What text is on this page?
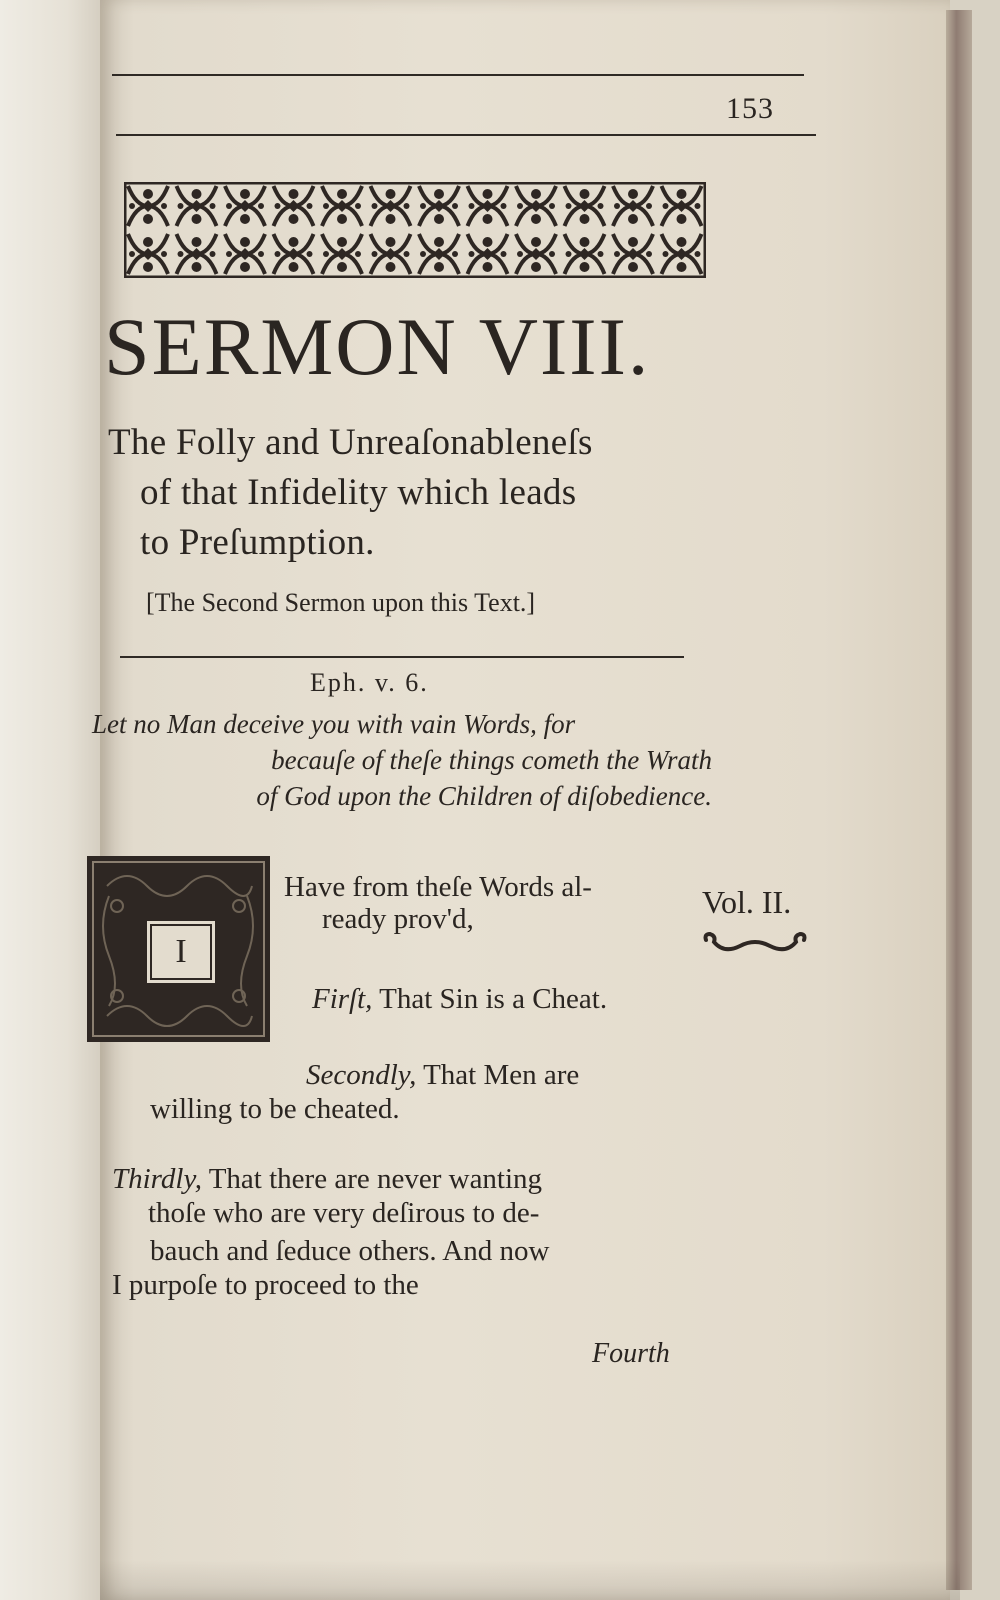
153
SERMON VIII.
The Folly and Unreaſonableneſs
of that Infidelity which leads
to Preſumption.
[The Second Sermon upon this Text.]
Eph. v. 6.
Let no Man deceive you with vain Words, for
becauſe of theſe things cometh the Wrath
of God upon the Children of diſobedience.
I
Have from theſe Words al-
ready prov'd,
Firſt, That Sin is a Cheat.
Secondly, That Men are
willing to be cheated.
Thirdly, That there are never wanting
thoſe who are very deſirous to de-
bauch and ſeduce others. And now
I purpoſe to proceed to the
Fourth
Vol. II.
